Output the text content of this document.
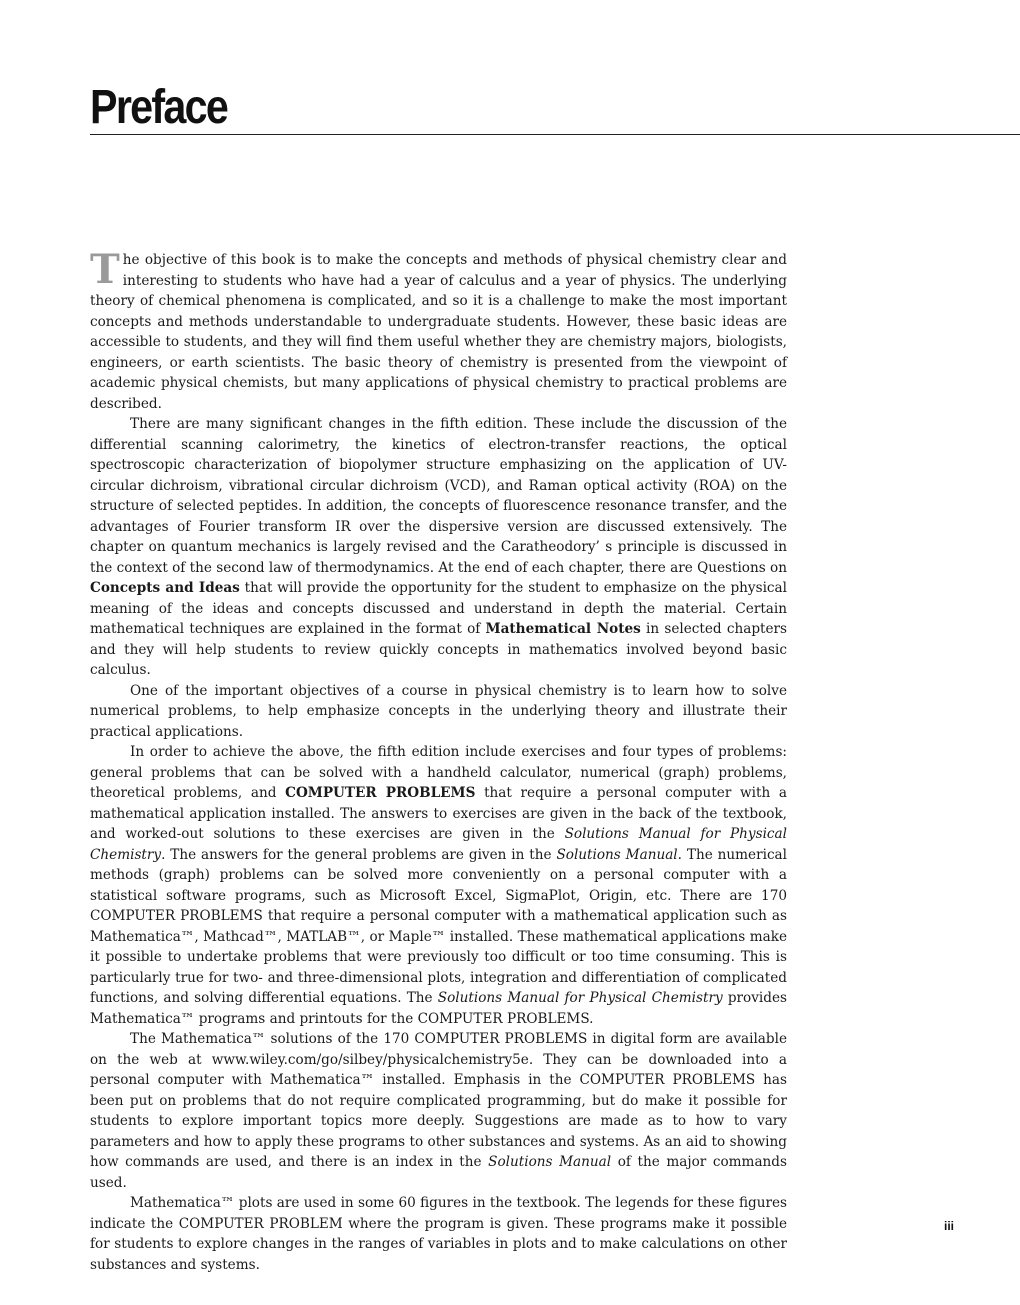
Preface

The objective of this book is to make the concepts and methods of physical chemistry clear and interesting to students who have had a year of calculus and a year of physics. The underlying theory of chemical phenomena is complicated, and so it is a challenge to make the most important concepts and methods understandable to undergraduate students. However, these basic ideas are accessible to students, and they will find them useful whether they are chemistry majors, biologists, engineers, or earth scientists. The basic theory of chemistry is presented from the viewpoint of academic physical chemists, but many applications of physical chemistry to practical problems are described.

There are many significant changes in the fifth edition. These include the discussion of the differential scanning calorimetry, the kinetics of electron-transfer reactions, the optical spectroscopic characterization of biopolymer structure emphasizing on the application of UV-circular dichroism, vibrational circular dichroism (VCD), and Raman optical activity (ROA) on the structure of selected peptides. In addition, the concepts of fluorescence resonance transfer, and the advantages of Fourier transform IR over the dispersive version are discussed extensively. The chapter on quantum mechanics is largely revised and the Caratheodory’ s principle is discussed in the context of the second law of thermodynamics. At the end of each chapter, there are Questions on Concepts and Ideas that will provide the opportunity for the student to emphasize on the physical meaning of the ideas and concepts discussed and understand in depth the material. Certain mathematical techniques are explained in the format of Mathematical Notes in selected chapters and they will help students to review quickly concepts in mathematics involved beyond basic calculus.

One of the important objectives of a course in physical chemistry is to learn how to solve numerical problems, to help emphasize concepts in the underlying theory and illustrate their practical applications.

In order to achieve the above, the fifth edition include exercises and four types of problems: general problems that can be solved with a handheld calculator, numerical (graph) problems, theoretical problems, and COMPUTER PROBLEMS that require a personal computer with a mathematical application installed. The answers to exercises are given in the back of the textbook, and worked-out solutions to these exercises are given in the Solutions Manual for Physical Chemistry. The answers for the general problems are given in the Solutions Manual. The numerical methods (graph) problems can be solved more conveniently on a personal computer with a statistical software programs, such as Microsoft Excel, SigmaPlot, Origin, etc. There are 170 COMPUTER PROBLEMS that require a personal computer with a mathematical application such as Mathematica™, Mathcad™, MATLAB™, or Maple™ installed. These mathematical applications make it possible to undertake problems that were previously too difficult or too time consuming. This is particularly true for two- and three-dimensional plots, integration and differentiation of complicated functions, and solving differential equations. The Solutions Manual for Physical Chemistry provides Mathematica™ programs and printouts for the COMPUTER PROBLEMS.

The Mathematica™ solutions of the 170 COMPUTER PROBLEMS in digital form are available on the web at www.wiley.com/go/silbey/physicalchemistry5e. They can be downloaded into a personal computer with Mathematica™ installed. Emphasis in the COMPUTER PROBLEMS has been put on problems that do not require complicated programming, but do make it possible for students to explore important topics more deeply. Suggestions are made as to how to vary parameters and how to apply these programs to other substances and systems. As an aid to showing how commands are used, and there is an index in the Solutions Manual of the major commands used.

Mathematica™ plots are used in some 60 figures in the textbook. The legends for these figures indicate the COMPUTER PROBLEM where the program is given. These programs make it possible for students to explore changes in the ranges of variables in plots and to make calculations on other substances and systems.

iii
